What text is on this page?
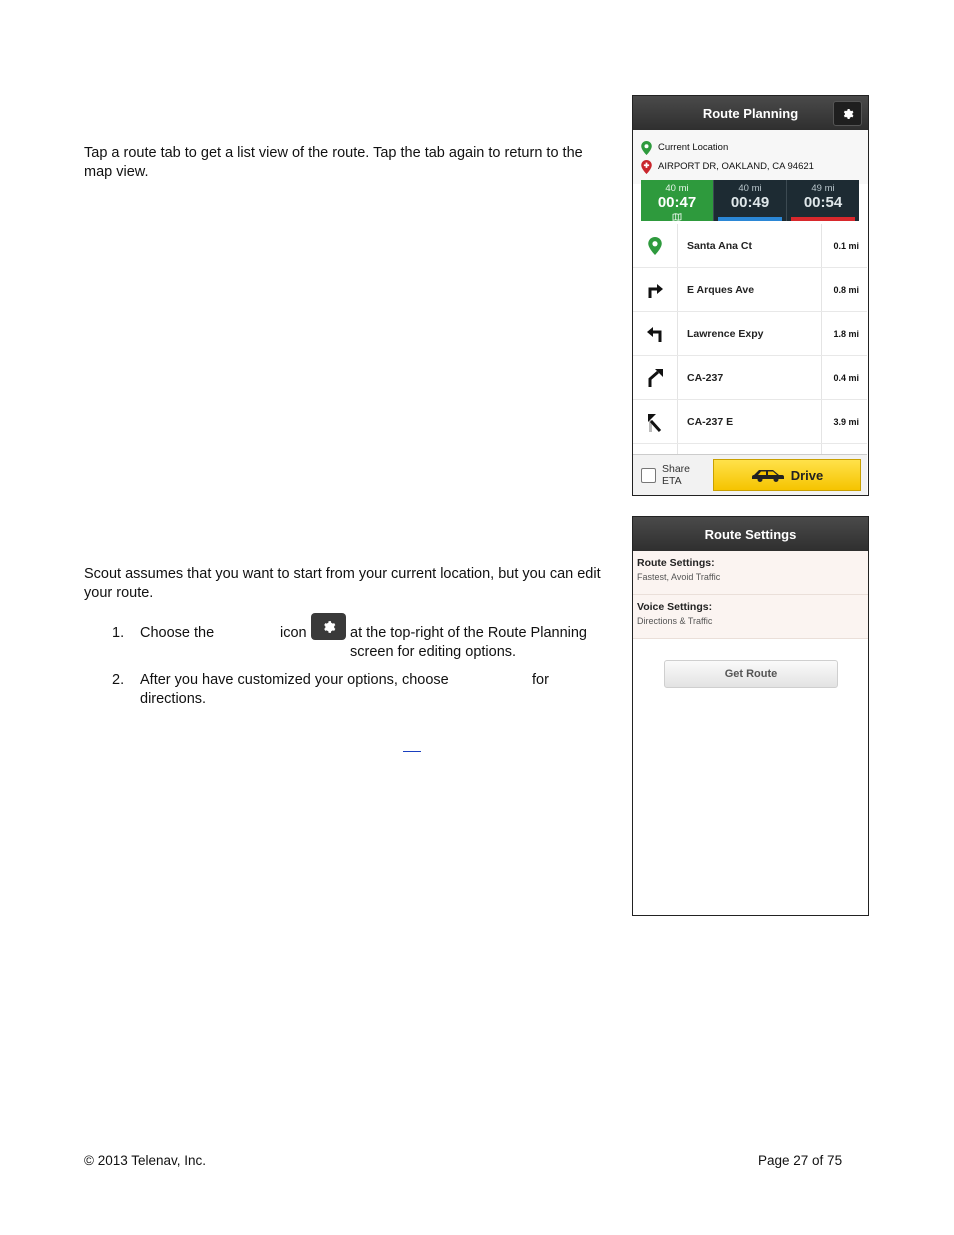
Tap a route tab to get a list view of the route. Tap the tab again to return to the map view.
Scout assumes that you want to start from your current location, but you can edit your route.
1. Choose the	icon	at the top-right of the Route Planning screen for editing options.
2. After you have customized your options, choose	for
directions.
Route Planning
Current Location
AIRPORT DR, OAKLAND, CA 94621
40 mi
00:47
40 mi
00:49
49 mi
00:54
Santa Ana Ct	0.1 mi
E Arques Ave	0.8 mi
Lawrence Expy	1.8 mi
CA-237	0.4 mi
CA-237 E	3.9 mi
Share
ETA	Drive
Route Settings
Route Settings:
Fastest, Avoid Traffic
Voice Settings:
Directions & Traffic
Get Route
© 2013 Telenav, Inc.	Page 27 of 75
